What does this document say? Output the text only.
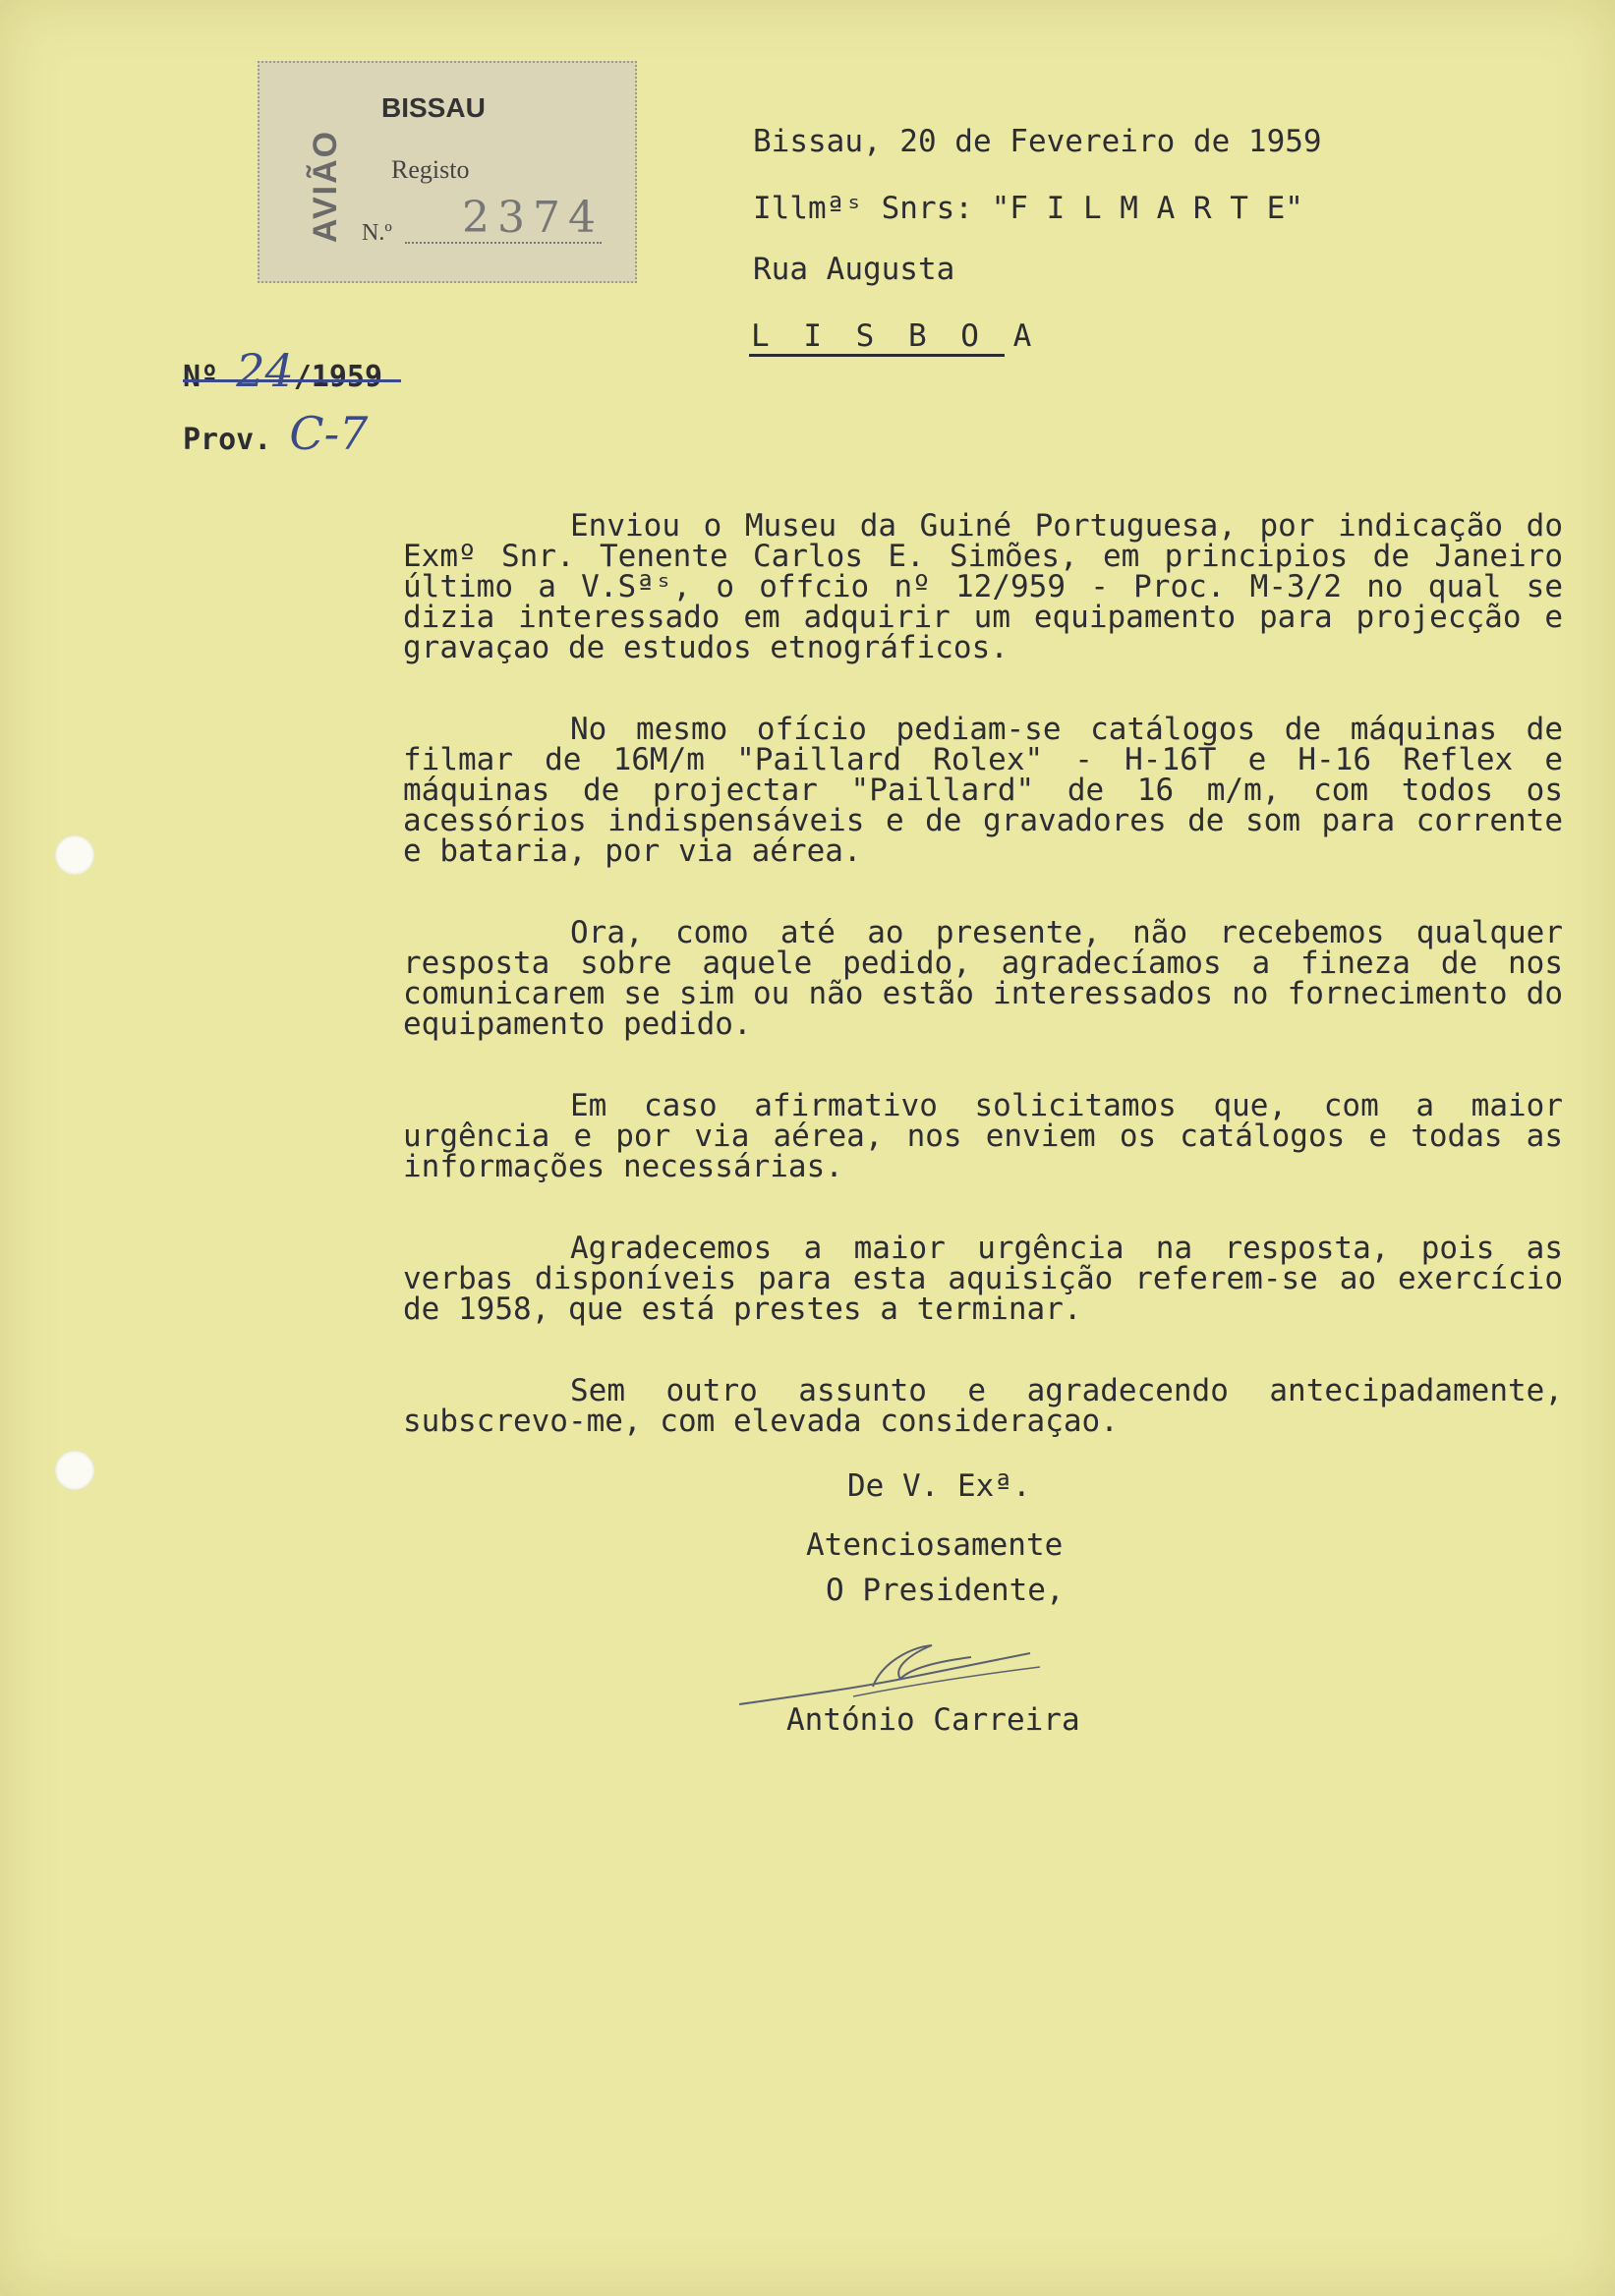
AVIÃO
BISSAU
Registo
N.º 2374
Bissau, 20 de Fevereiro de 1959
Illmªˢ Snrs: "F I L M A R T E"
Rua Augusta
L I S B O A
Nº 24/1959
Prov. C-7

Enviou o Museu da Guiné Portuguesa, por indicação do Exmº Snr. Tenente Carlos E. Simões, em principios de Janeiro último a V.Sªˢ, o offcio nº 12/959 - Proc. M-3/2 no qual se dizia interessado em adquirir um equipamento para projecção e gravaçao de estudos etnográficos.

No mesmo ofício pediam-se catálogos de máquinas de filmar de 16M/m "Paillard Rolex" - H-16T e H-16 Reflex e máquinas de projectar "Paillard" de 16 m/m, com todos os acessórios indispensáveis e de gravadores de som para corrente e bataria, por via aérea.

Ora, como até ao presente, não recebemos qualquer resposta sobre aquele pedido, agradecíamos a fineza de nos comunicarem se sim ou não estão interessados no fornecimento do equipamento pedido.

Em caso afirmativo solicitamos que, com a maior urgência e por via aérea, nos enviem os catálogos e todas as informações necessárias.

Agradecemos a maior urgência na resposta, pois as verbas disponíveis para esta aquisição referem-se ao exercício de 1958, que está prestes a terminar.

Sem outro assunto e agradecendo antecipadamente, subscrevo-me, com elevada consideraçao.

De V. Exª.
Atenciosamente
O Presidente,
António Carreira
